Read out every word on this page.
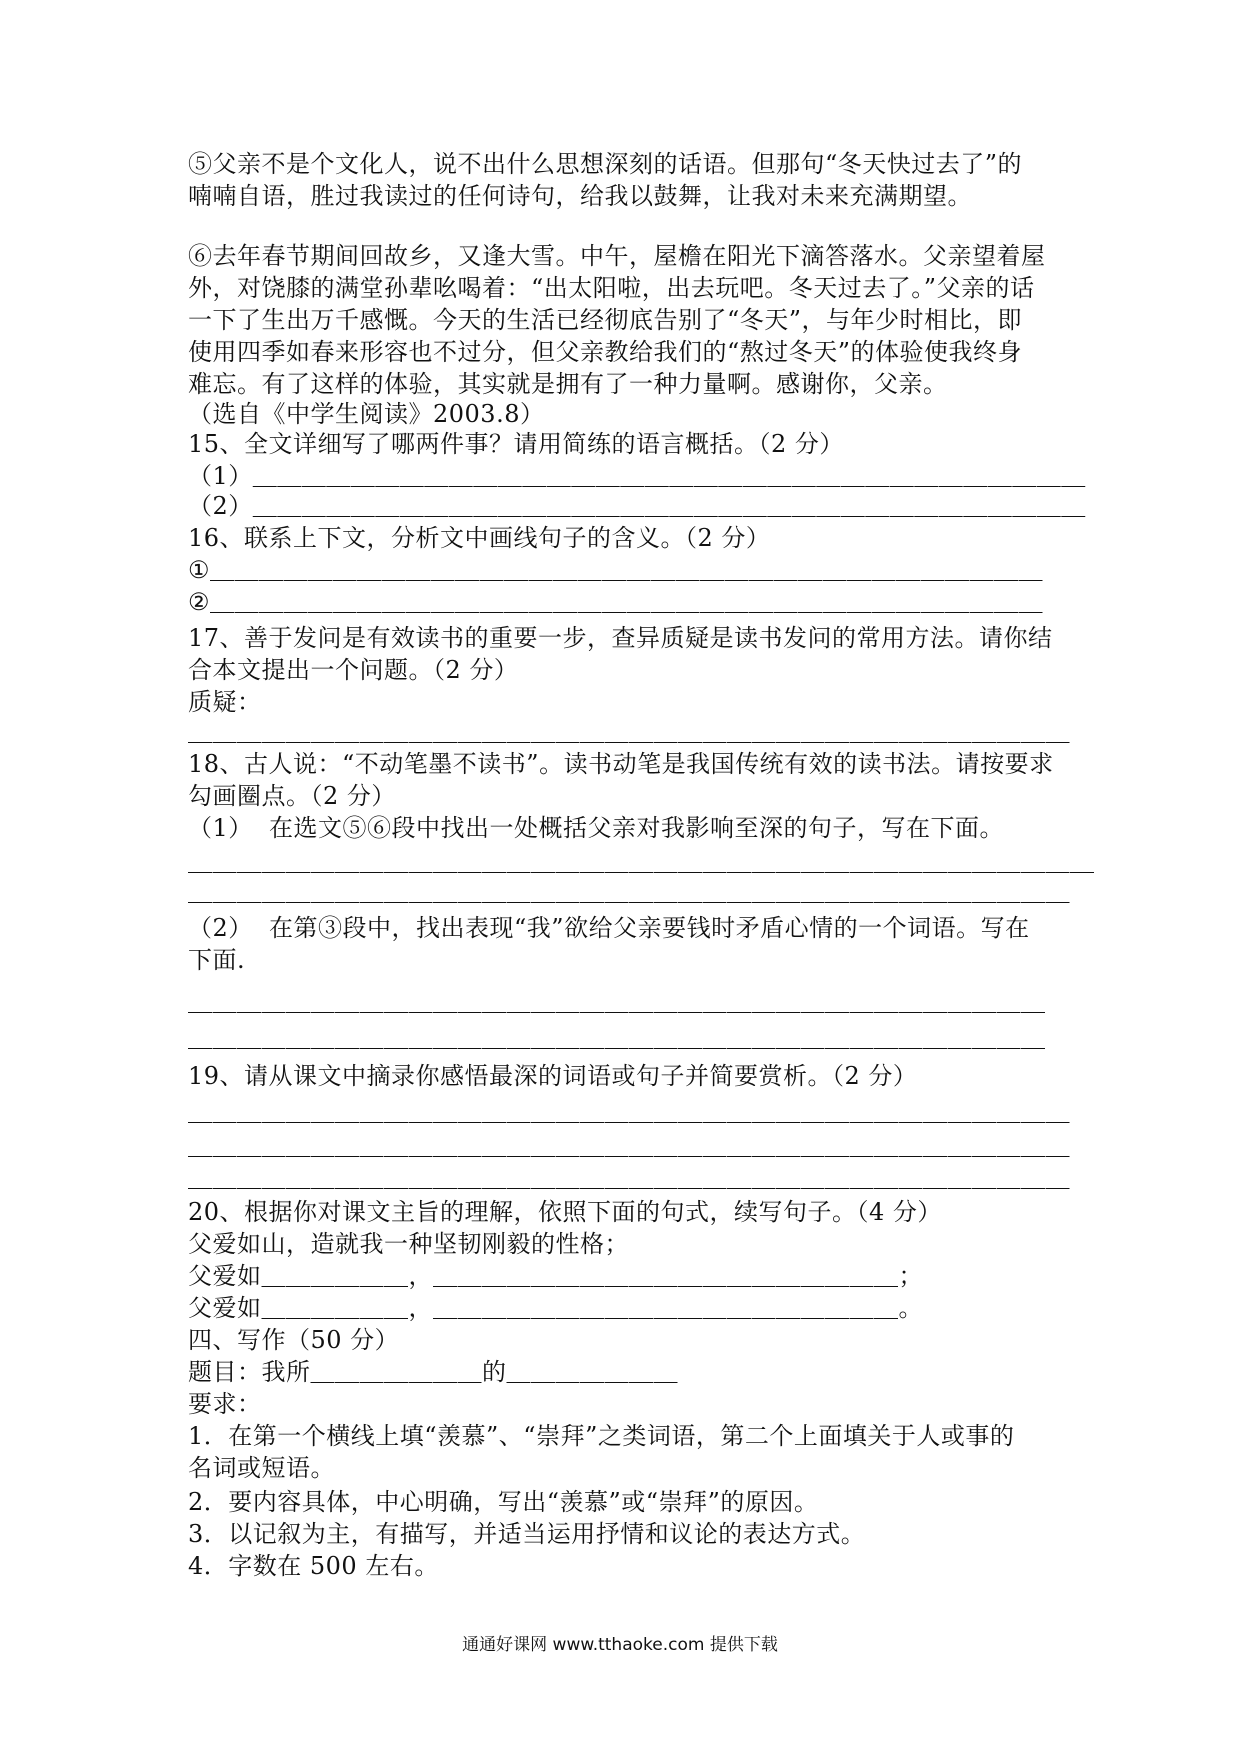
⑤父亲不是个文化人，说不出什么思想深刻的话语。但那句“冬天快过去了”的
喃喃自语，胜过我读过的任何诗句，给我以鼓舞，让我对未来充满期望。
⑥去年春节期间回故乡，又逢大雪。中午，屋檐在阳光下滴答落水。父亲望着屋
外，对饶膝的满堂孙辈吆喝着：“出太阳啦，出去玩吧。冬天过去了。”父亲的话
一下了生出万千感慨。今天的生活已经彻底告别了“冬天”，与年少时相比，即
使用四季如春来形容也不过分，但父亲教给我们的“熬过冬天”的体验使我终身
难忘。有了这样的体验，其实就是拥有了一种力量啊。感谢你，父亲。
（选自《中学生阅读》2003.8）
15、全文详细写了哪两件事？请用简练的语言概括。（2 分）
（1）＿＿＿＿＿＿＿＿＿＿＿＿＿＿＿＿＿＿＿＿＿＿＿＿＿＿＿＿＿＿＿＿＿＿
（2）＿＿＿＿＿＿＿＿＿＿＿＿＿＿＿＿＿＿＿＿＿＿＿＿＿＿＿＿＿＿＿＿＿＿
16、联系上下文，分析文中画线句子的含义。（2 分）
①＿＿＿＿＿＿＿＿＿＿＿＿＿＿＿＿＿＿＿＿＿＿＿＿＿＿＿＿＿＿＿＿＿＿
②＿＿＿＿＿＿＿＿＿＿＿＿＿＿＿＿＿＿＿＿＿＿＿＿＿＿＿＿＿＿＿＿＿＿
17、善于发问是有效读书的重要一步，查异质疑是读书发问的常用方法。请你结
合本文提出一个问题。（2 分）
质疑：
＿＿＿＿＿＿＿＿＿＿＿＿＿＿＿＿＿＿＿＿＿＿＿＿＿＿＿＿＿＿＿＿＿＿＿＿
18、古人说：“不动笔墨不读书”。读书动笔是我国传统有效的读书法。请按要求
勾画圈点。（2 分）
（1）  在选文⑤⑥段中找出一处概括父亲对我影响至深的句子，写在下面。
＿＿＿＿＿＿＿＿＿＿＿＿＿＿＿＿＿＿＿＿＿＿＿＿＿＿＿＿＿＿＿＿＿＿＿＿＿
＿＿＿＿＿＿＿＿＿＿＿＿＿＿＿＿＿＿＿＿＿＿＿＿＿＿＿＿＿＿＿＿＿＿＿＿
（2）  在第③段中，找出表现“我”欲给父亲要钱时矛盾心情的一个词语。写在
下面.
＿＿＿＿＿＿＿＿＿＿＿＿＿＿＿＿＿＿＿＿＿＿＿＿＿＿＿＿＿＿＿＿＿＿＿
＿＿＿＿＿＿＿＿＿＿＿＿＿＿＿＿＿＿＿＿＿＿＿＿＿＿＿＿＿＿＿＿＿＿＿
19、请从课文中摘录你感悟最深的词语或句子并简要赏析。（2 分）
＿＿＿＿＿＿＿＿＿＿＿＿＿＿＿＿＿＿＿＿＿＿＿＿＿＿＿＿＿＿＿＿＿＿＿＿
＿＿＿＿＿＿＿＿＿＿＿＿＿＿＿＿＿＿＿＿＿＿＿＿＿＿＿＿＿＿＿＿＿＿＿＿
＿＿＿＿＿＿＿＿＿＿＿＿＿＿＿＿＿＿＿＿＿＿＿＿＿＿＿＿＿＿＿＿＿＿＿＿
20、根据你对课文主旨的理解，依照下面的句式，续写句子。（4 分）
父爱如山，造就我一种坚韧刚毅的性格；
父爱如＿＿＿＿＿＿，＿＿＿＿＿＿＿＿＿＿＿＿＿＿＿＿＿＿＿；
父爱如＿＿＿＿＿＿，＿＿＿＿＿＿＿＿＿＿＿＿＿＿＿＿＿＿＿。
四、写作（50 分）
题目：我所＿＿＿＿＿＿＿的＿＿＿＿＿＿＿
要求：
1．在第一个横线上填“羡慕”、“崇拜”之类词语，第二个上面填关于人或事的
名词或短语。
2．要内容具体，中心明确，写出“羡慕”或“崇拜”的原因。
3．以记叙为主，有描写，并适当运用抒情和议论的表达方式。
4．字数在 500 左右。
通通好课网 www.tthaoke.com 提供下载
